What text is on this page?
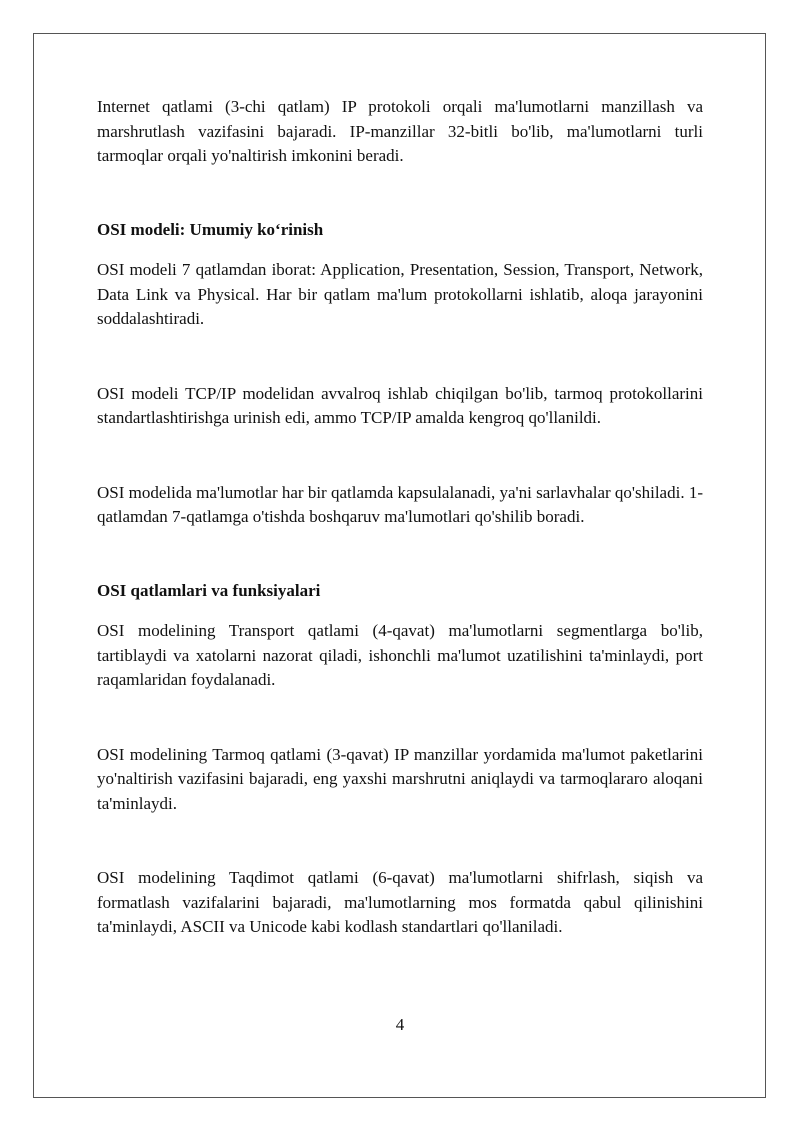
Internet qatlami (3-chi qatlam) IP protokoli orqali ma'lumotlarni manzillash va marshrutlash vazifasini bajaradi. IP-manzillar 32-bitli bo'lib, ma'lumotlarni turli tarmoqlar orqali yo'naltirish imkonini beradi.

OSI modeli: Umumiy koʻrinish

OSI modeli 7 qatlamdan iborat: Application, Presentation, Session, Transport, Network, Data Link va Physical. Har bir qatlam ma'lum protokollarni ishlatib, aloqa jarayonini soddalashtiradi.

OSI modeli TCP/IP modelidan avvalroq ishlab chiqilgan bo'lib, tarmoq protokollarini standartlashtirishga urinish edi, ammo TCP/IP amalda kengroq qo'llanildi.

OSI modelida ma'lumotlar har bir qatlamda kapsulalanadi, ya'ni sarlavhalar qo'shiladi. 1-qatlamdan 7-qatlamga o'tishda boshqaruv ma'lumotlari qo'shilib boradi.

OSI qatlamlari va funksiyalari

OSI modelining Transport qatlami (4-qavat) ma'lumotlarni segmentlarga bo'lib, tartiblaydi va xatolarni nazorat qiladi, ishonchli ma'lumot uzatilishini ta'minlaydi, port raqamlaridan foydalanadi.

OSI modelining Tarmoq qatlami (3-qavat) IP manzillar yordamida ma'lumot paketlarini yo'naltirish vazifasini bajaradi, eng yaxshi marshrutni aniqlaydi va tarmoqlararo aloqani ta'minlaydi.

OSI modelining Taqdimot qatlami (6-qavat) ma'lumotlarni shifrlash, siqish va formatlash vazifalarini bajaradi, ma'lumotlarning mos formatda qabul qilinishini ta'minlaydi, ASCII va Unicode kabi kodlash standartlari qo'llaniladi.

4
